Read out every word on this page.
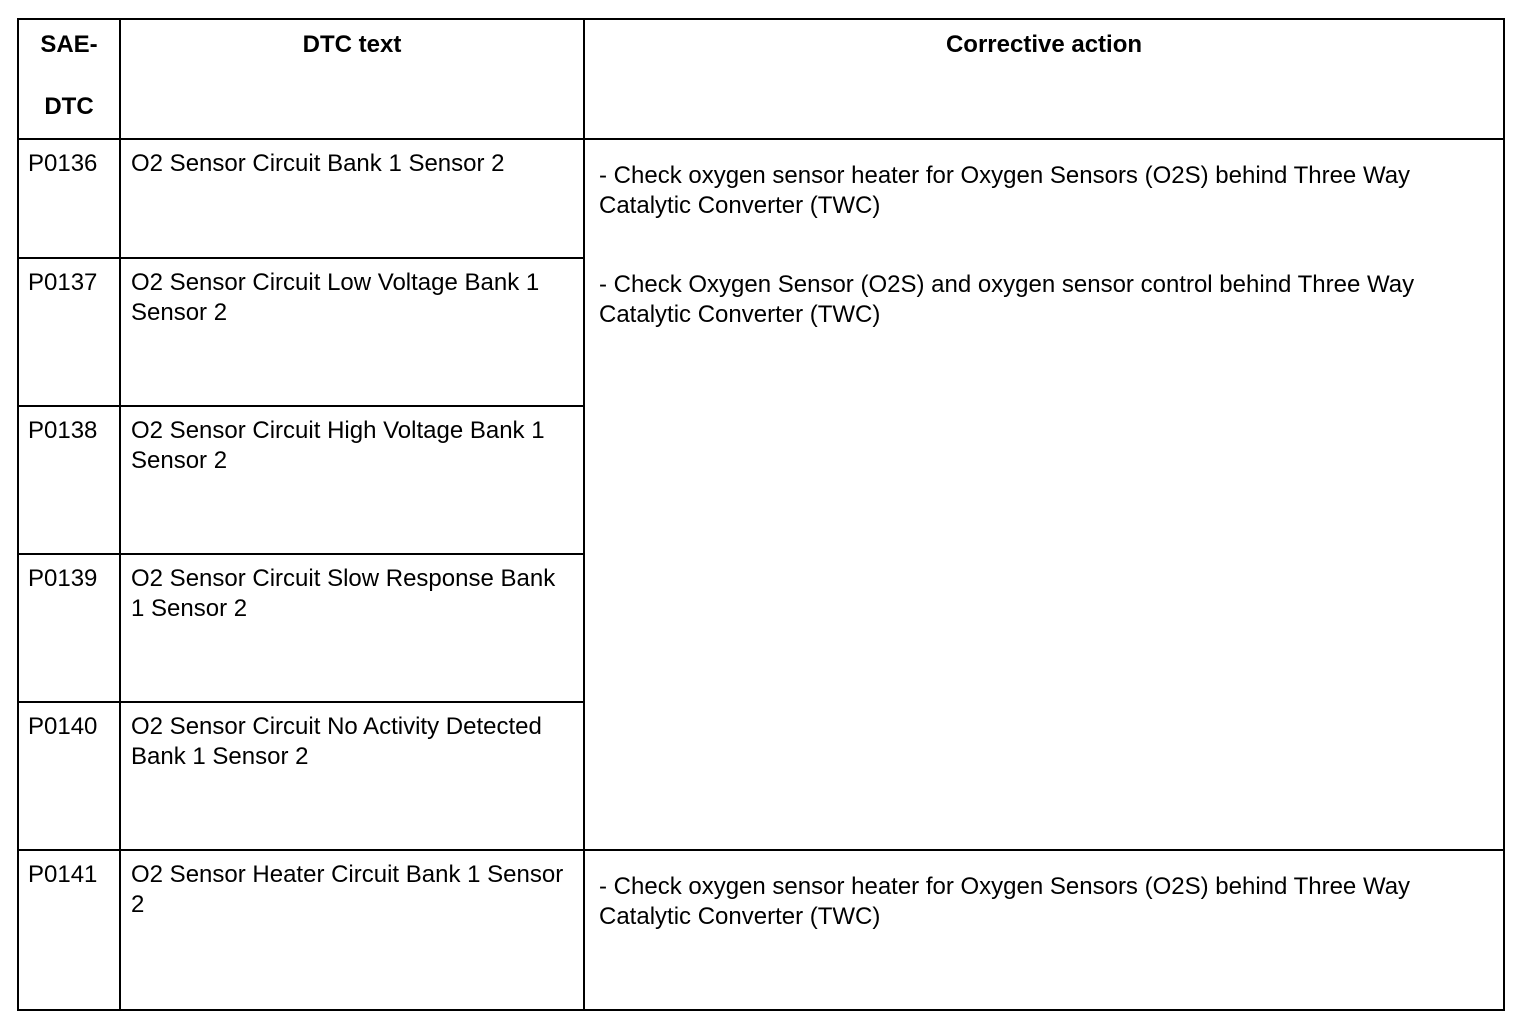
SAE-
DTC	DTC text	Corrective action
P0136	O2 Sensor Circuit Bank 1 Sensor 2	- Check oxygen sensor heater for Oxygen Sensors (O2S) behind Three Way Catalytic Converter (TWC)
- Check Oxygen Sensor (O2S) and oxygen sensor control behind Three Way Catalytic Converter (TWC)

P0137	O2 Sensor Circuit Low Voltage Bank 1 Sensor 2	
P0138	O2 Sensor Circuit High Voltage Bank 1 Sensor 2	
P0139	O2 Sensor Circuit Slow Response Bank 1 Sensor 2	
P0140	O2 Sensor Circuit No Activity Detected Bank 1 Sensor 2	
P0141	O2 Sensor Heater Circuit Bank 1 Sensor 2	- Check oxygen sensor heater for Oxygen Sensors (O2S) behind Three Way Catalytic Converter (TWC)
